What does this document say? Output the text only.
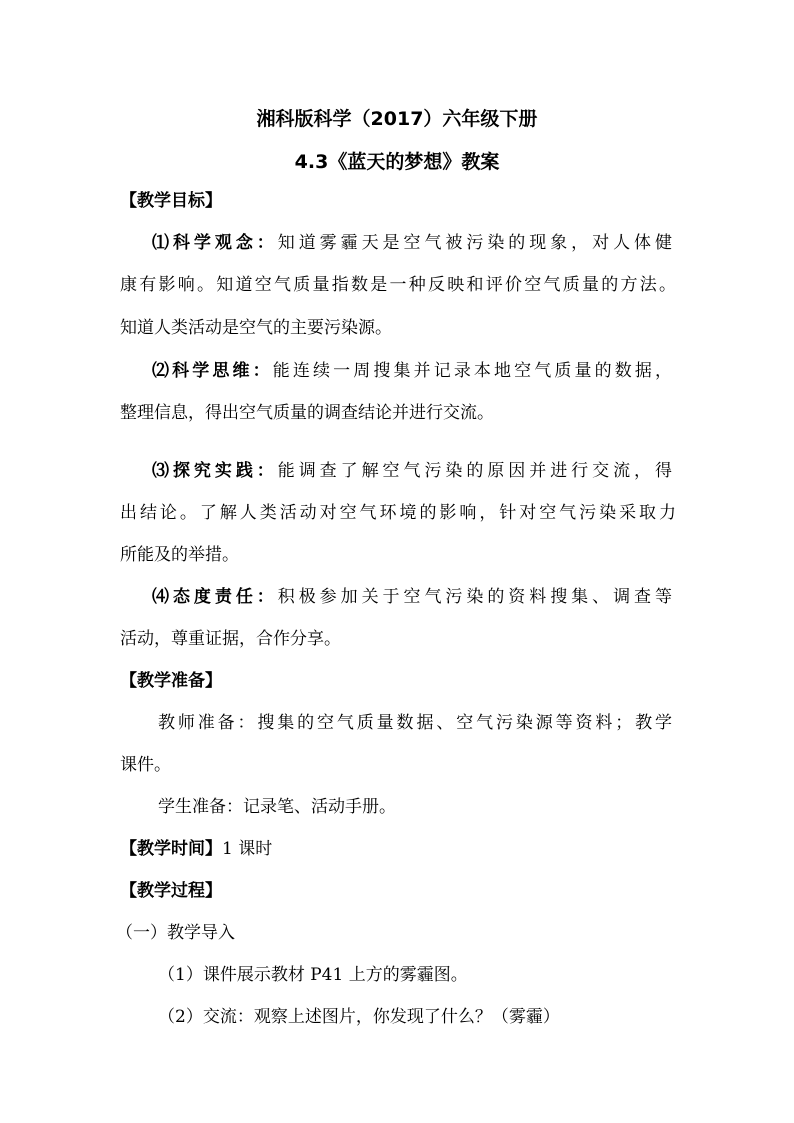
湘科版科学（2017）六年级下册
4.3《蓝天的梦想》教案
【教学目标】
⑴科学观念：知道雾霾天是空气被污染的现象，对人体健
康有影响。知道空气质量指数是一种反映和评价空气质量的方法。
知道人类活动是空气的主要污染源。
⑵科学思维：能连续一周搜集并记录本地空气质量的数据，
整理信息，得出空气质量的调查结论并进行交流。
⑶探究实践：能调查了解空气污染的原因并进行交流，得
出结论。了解人类活动对空气环境的影响，针对空气污染采取力
所能及的举措。
⑷态度责任：积极参加关于空气污染的资料搜集、调查等
活动，尊重证据，合作分享。
【教学准备】
教师准备：搜集的空气质量数据、空气污染源等资料；教学
课件。
学生准备：记录笔、活动手册。
【教学时间】1 课时
【教学过程】
（一）教学导入
（1）课件展示教材 P41 上方的雾霾图。
（2）交流：观察上述图片，你发现了什么？（雾霾）
